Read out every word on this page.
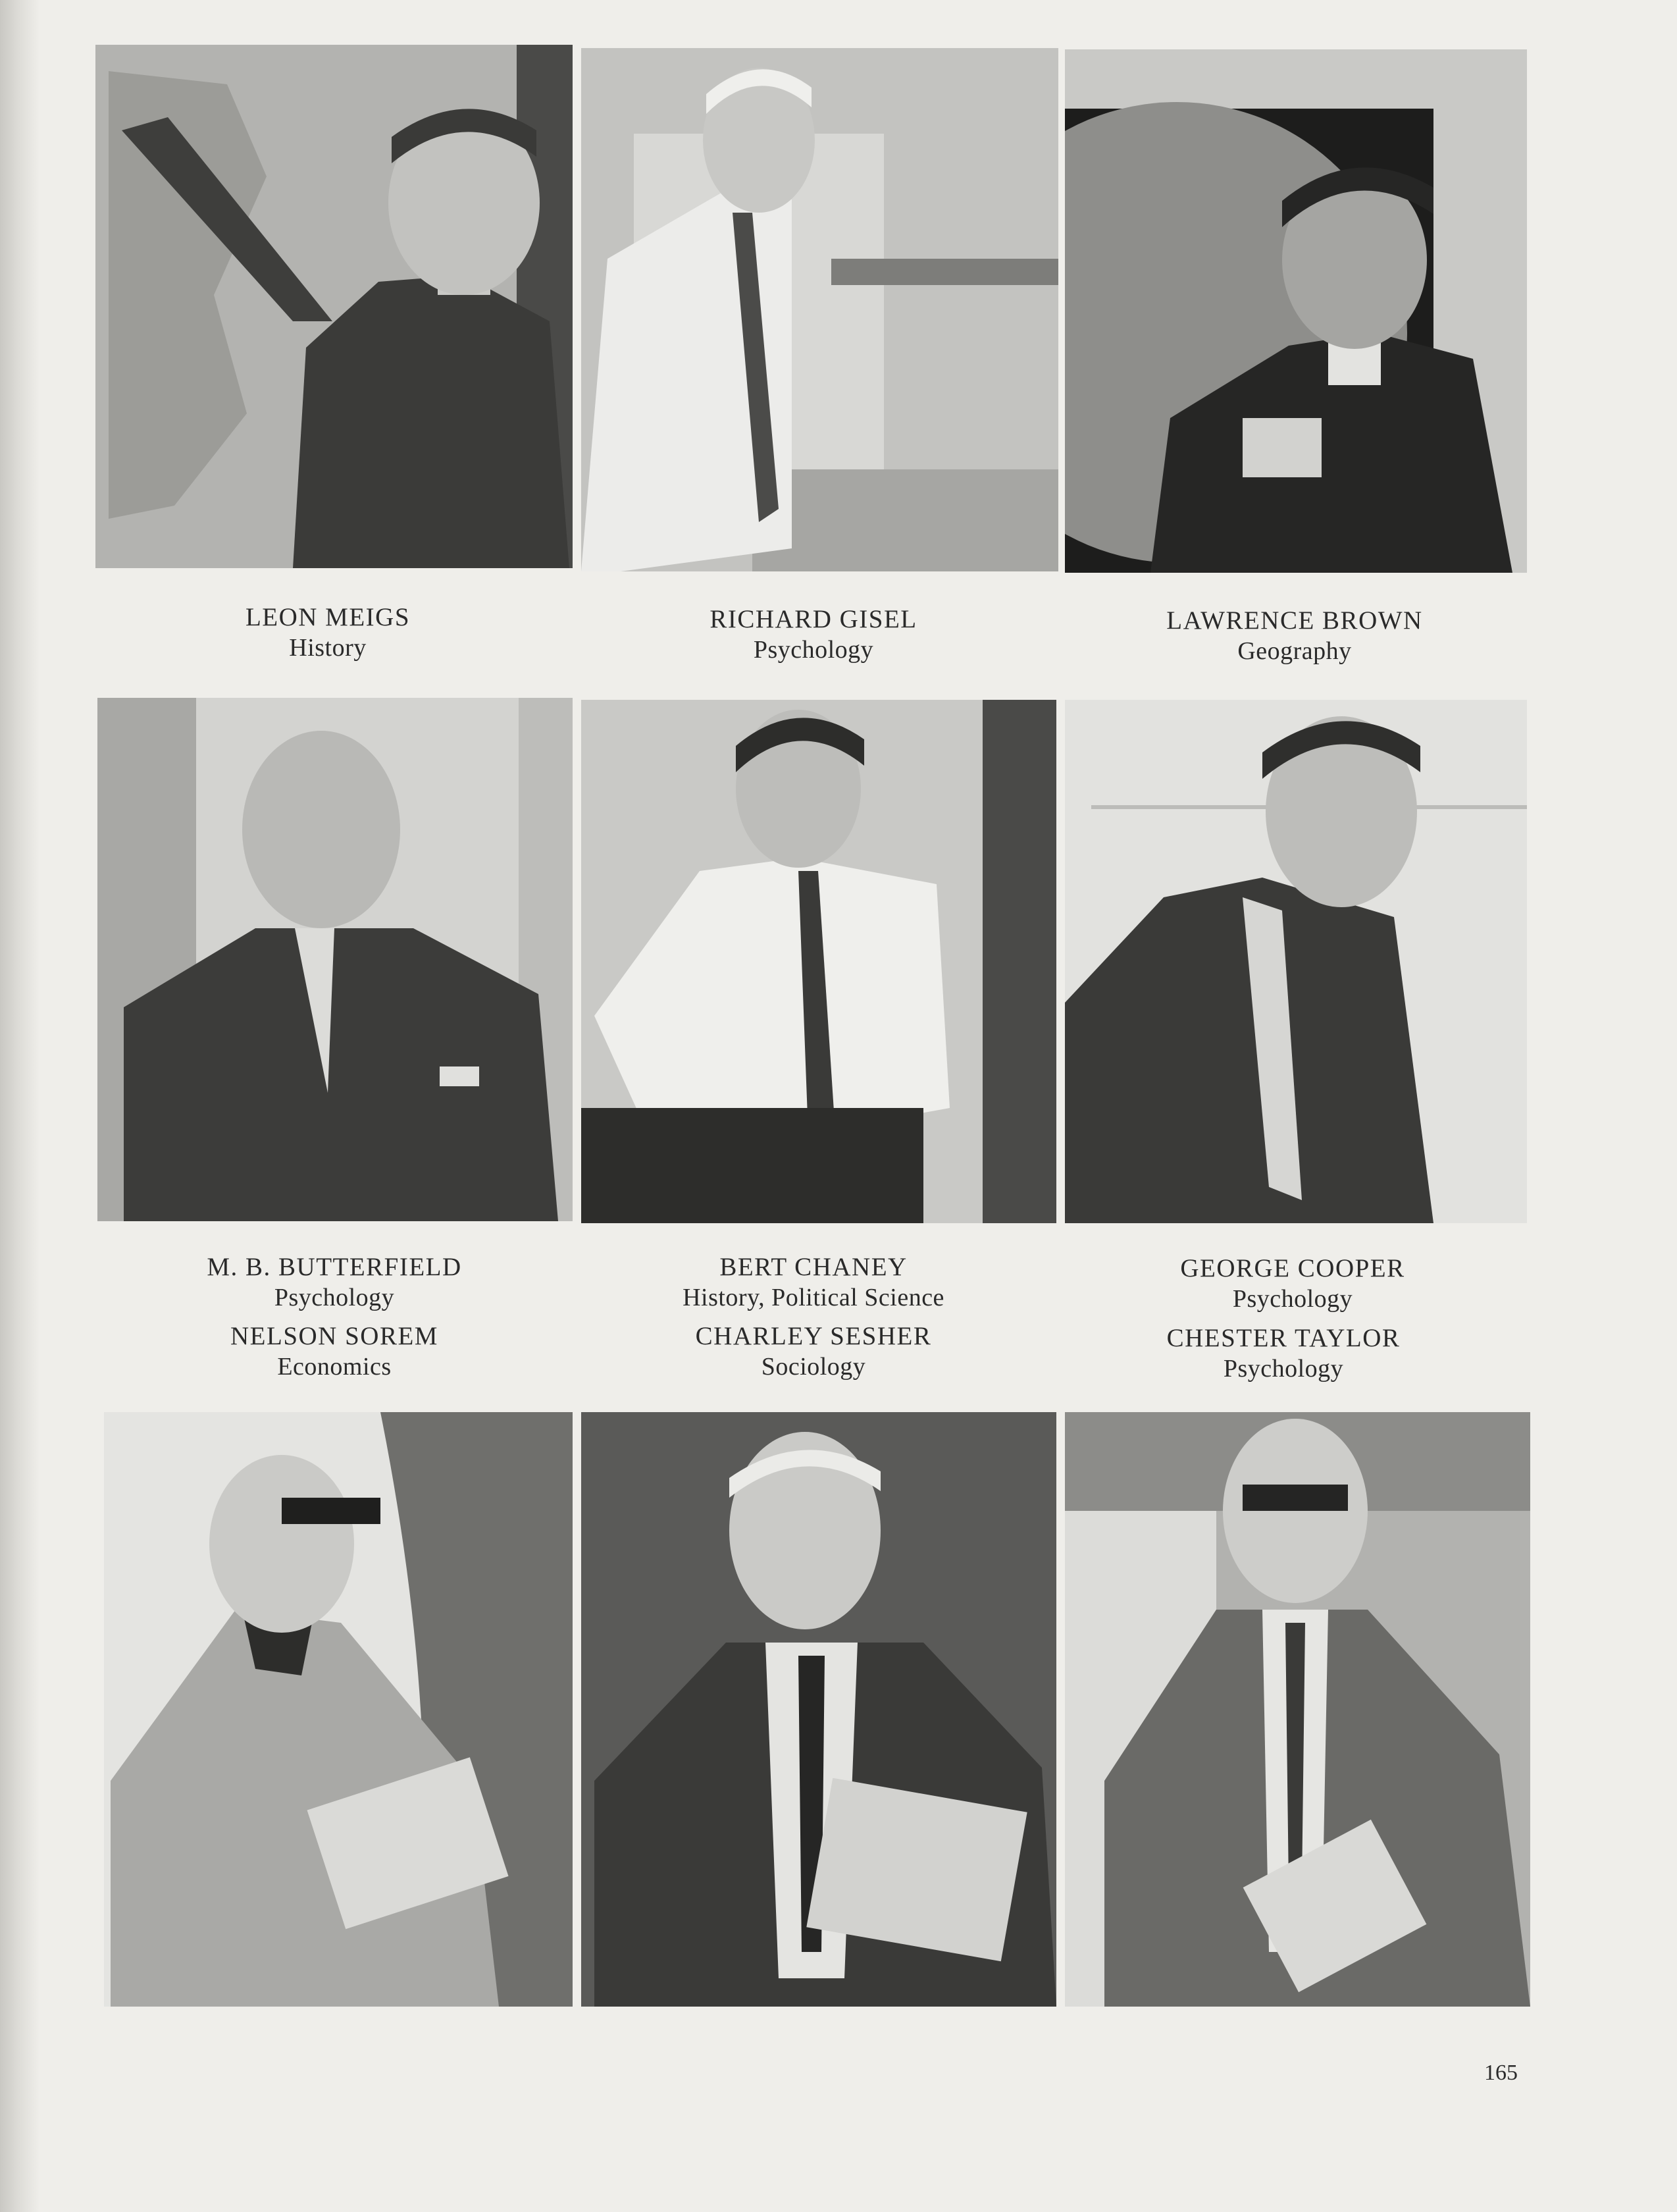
LEON MEIGS
History
RICHARD GISEL
Psychology
LAWRENCE BROWN
Geography
M. B. BUTTERFIELD
Psychology
BERT CHANEY
History, Political Science
GEORGE COOPER
Psychology
NELSON SOREM
Economics
CHARLEY SESHER
Sociology
CHESTER TAYLOR
Psychology
165
